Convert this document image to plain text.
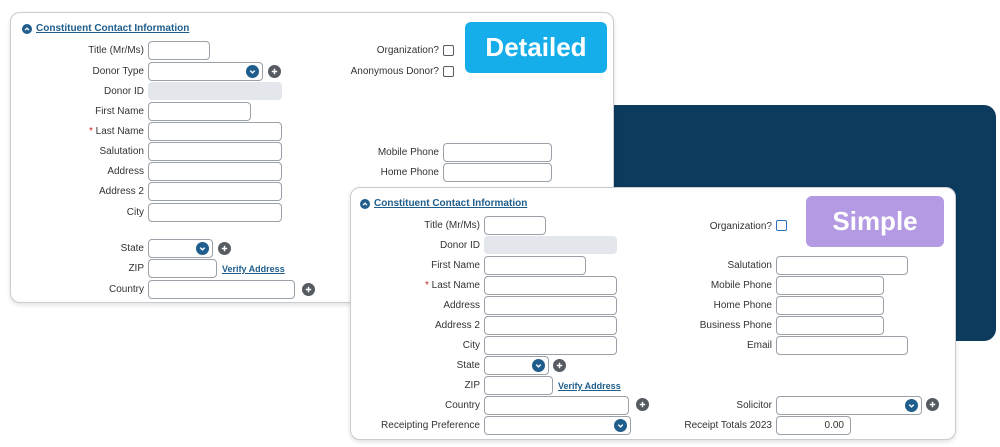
Constituent Contact Information
Detailed
Title (Mr/Ms)
Donor Type
Donor ID
First Name
* Last Name
Salutation
Address
Address 2
City
State
ZIP	Verify Address
Country
Organization?
Anonymous Donor?
Mobile Phone
Home Phone
Constituent Contact Information
Simple
Title (Mr/Ms)
Donor ID
First Name
* Last Name
Address
Address 2
City
State
ZIP	Verify Address
Country
Receipting Preference
Organization?
Salutation
Mobile Phone
Home Phone
Business Phone
Email
Solicitor
Receipt Totals 2023	0.00
